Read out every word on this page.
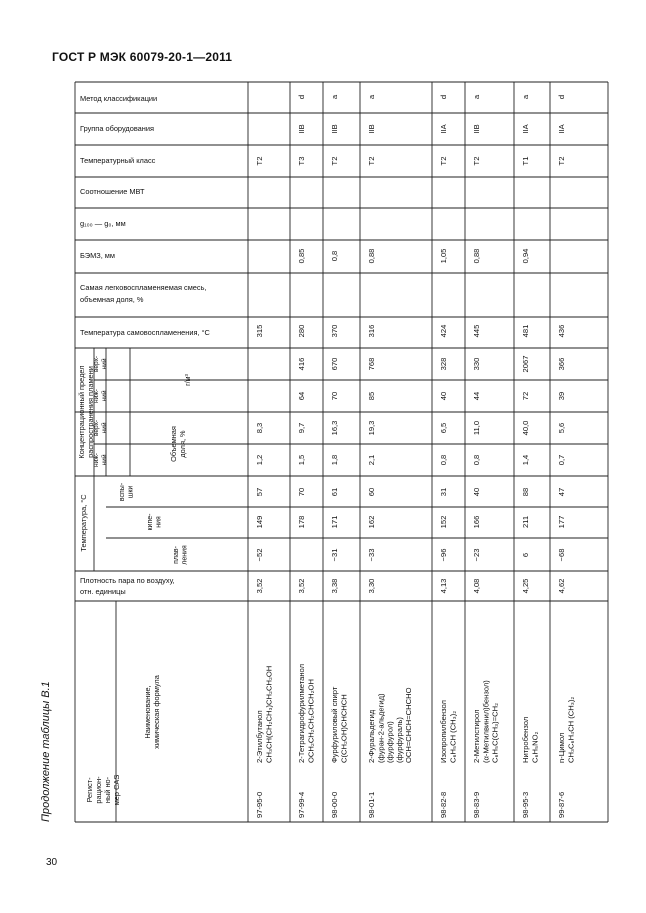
ГОСТ Р МЭК 60079-20-1—2011
Продолжение таблицы В.1
30
Метод классификации
Группа оборудования
Температурный класс
Соотношение МВТ
g₁₀₀ — g₀, мм
БЭМЗ, мм
Самая легковоспламеняемая смесь,
объемная доля, %
Температура самовоспламенения, °С
Плотность пара по воздуху,
отн. единицы
Концентрационный пределраспространения пламени
Температура, °С
верх-ний
ниж-ний
верх-ний
ниж-ний
г/м³
Объемнаядоля, %
вспы- шки
кипе- ния
плав- ления
Регист-рацион-ный но-мер CAS
Наименование,химическая формула
97-95-0
2-ЭтилбутанолCH₃CH(CH₂CH₃)CH₂CH₂OH
T2
315
8,3
1,2
57
149
−52
3,52
97-99-4
2-ТетрагидрофурилметанолOCH₂CH₂CH₂CHCH₂OH
d
IIB
T3
0,85
280
416
64
9,7
1,5
70
178
3,52
98-00-0
Фурфуриловый спиртC(CH₂OH)CHCHCH
a
IIB
T2
0,8
370
670
70
16,3
1,8
61
171
−31
3,38
98-01-1
2-Фуральдегид(фуран-2-альдегид)(фурфурол)(фурфураль)OCH=CHCH=CHCHO
a
IIB
T2
0,88
316
768
85
19,3
2,1
60
162
−33
3,30
98-82-8
ИзопропилбензолC₆H₅CH (CH₃)₂
d
IIA
T2
1,05
424
328
40
6,5
0,8
31
152
−96
4,13
98-83-9
2-Метилстирол(α-Метилвинил)бензол)C₆H₅C(CH₃)=CH₂
a
IIB
T2
0,88
445
330
44
11,0
0,8
40
166
−23
4,08
98-95-3
НитробензолC₆H₅NO₂
a
IIA
T1
0,94
481
2067
72
40,0
1,4
88
211
6
4,25
99-87-6
n-ЦимолCH₃C₆H₄CH (CH₃)₂
d
IIA
T2
436
366
39
5,6
0,7
47
177
−68
4,62
